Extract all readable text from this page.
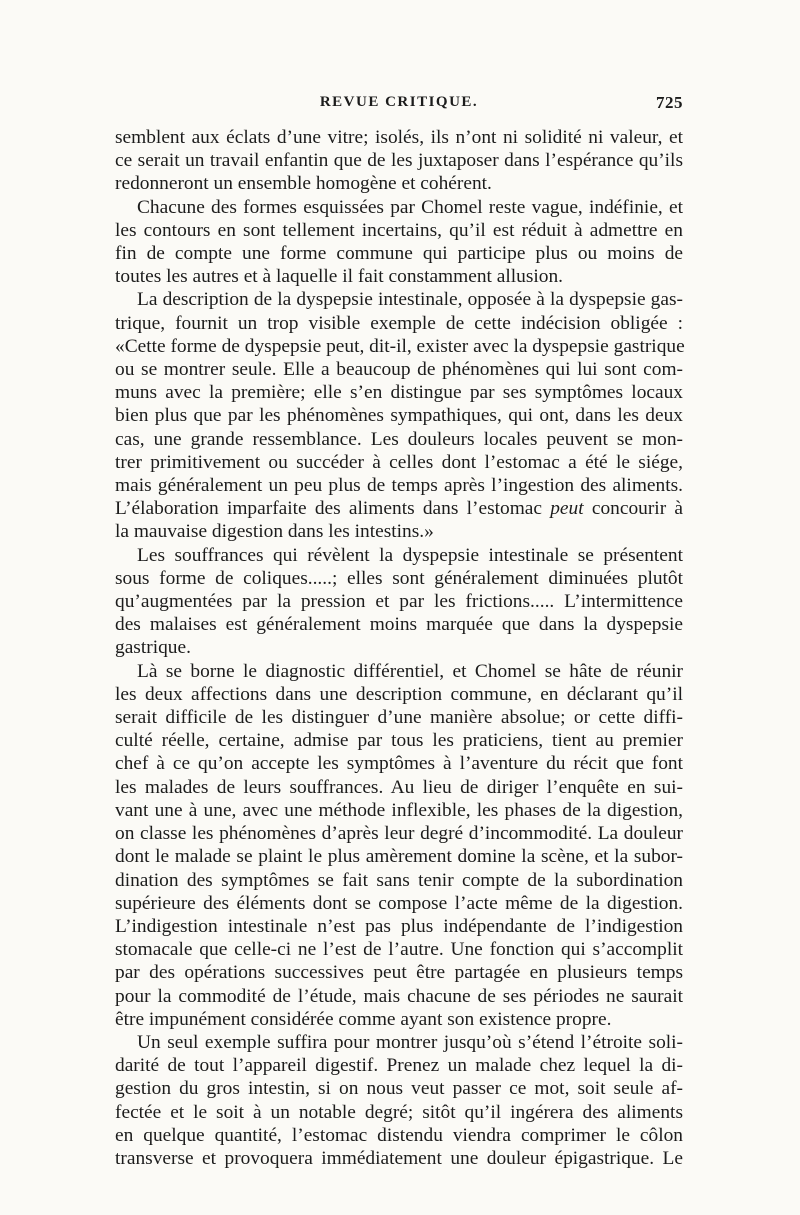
REVUE CRITIQUE.	725

semblent aux éclats d’une vitre; isolés, ils n’ont ni solidité ni valeur, et
ce serait un travail enfantin que de les juxtaposer dans l’espérance qu’ils
redonneront un ensemble homogène et cohérent.

Chacune des formes esquissées par Chomel reste vague, indéfinie, et
les contours en sont tellement incertains, qu’il est réduit à admettre en
fin de compte une forme commune qui participe plus ou moins de
toutes les autres et à laquelle il fait constamment allusion.

La description de la dyspepsie intestinale, opposée à la dyspepsie gas-
trique, fournit un trop visible exemple de cette indécision obligée :
«Cette forme de dyspepsie peut, dit-il, exister avec la dyspepsie gastrique
ou se montrer seule. Elle a beaucoup de phénomènes qui lui sont com-
muns avec la première; elle s’en distingue par ses symptômes locaux
bien plus que par les phénomènes sympathiques, qui ont, dans les deux
cas, une grande ressemblance. Les douleurs locales peuvent se mon-
trer primitivement ou succéder à celles dont l’estomac a été le siége,
mais généralement un peu plus de temps après l’ingestion des aliments.
L’élaboration imparfaite des aliments dans l’estomac peut concourir à
la mauvaise digestion dans les intestins.»

Les souffrances qui révèlent la dyspepsie intestinale se présentent
sous forme de coliques.....; elles sont généralement diminuées plutôt
qu’augmentées par la pression et par les frictions..... L’intermittence
des malaises est généralement moins marquée que dans la dyspepsie
gastrique.

Là se borne le diagnostic différentiel, et Chomel se hâte de réunir
les deux affections dans une description commune, en déclarant qu’il
serait difficile de les distinguer d’une manière absolue; or cette diffi-
culté réelle, certaine, admise par tous les praticiens, tient au premier
chef à ce qu’on accepte les symptômes à l’aventure du récit que font
les malades de leurs souffrances. Au lieu de diriger l’enquête en sui-
vant une à une, avec une méthode inflexible, les phases de la digestion,
on classe les phénomènes d’après leur degré d’incommodité. La douleur
dont le malade se plaint le plus amèrement domine la scène, et la subor-
dination des symptômes se fait sans tenir compte de la subordination
supérieure des éléments dont se compose l’acte même de la digestion.
L’indigestion intestinale n’est pas plus indépendante de l’indigestion
stomacale que celle-ci ne l’est de l’autre. Une fonction qui s’accomplit
par des opérations successives peut être partagée en plusieurs temps
pour la commodité de l’étude, mais chacune de ses périodes ne saurait
être impunément considérée comme ayant son existence propre.

Un seul exemple suffira pour montrer jusqu’où s’étend l’étroite soli-
darité de tout l’appareil digestif. Prenez un malade chez lequel la di-
gestion du gros intestin, si on nous veut passer ce mot, soit seule af-
fectée et le soit à un notable degré; sitôt qu’il ingérera des aliments
en quelque quantité, l’estomac distendu viendra comprimer le côlon
transverse et provoquera immédiatement une douleur épigastrique. Le
